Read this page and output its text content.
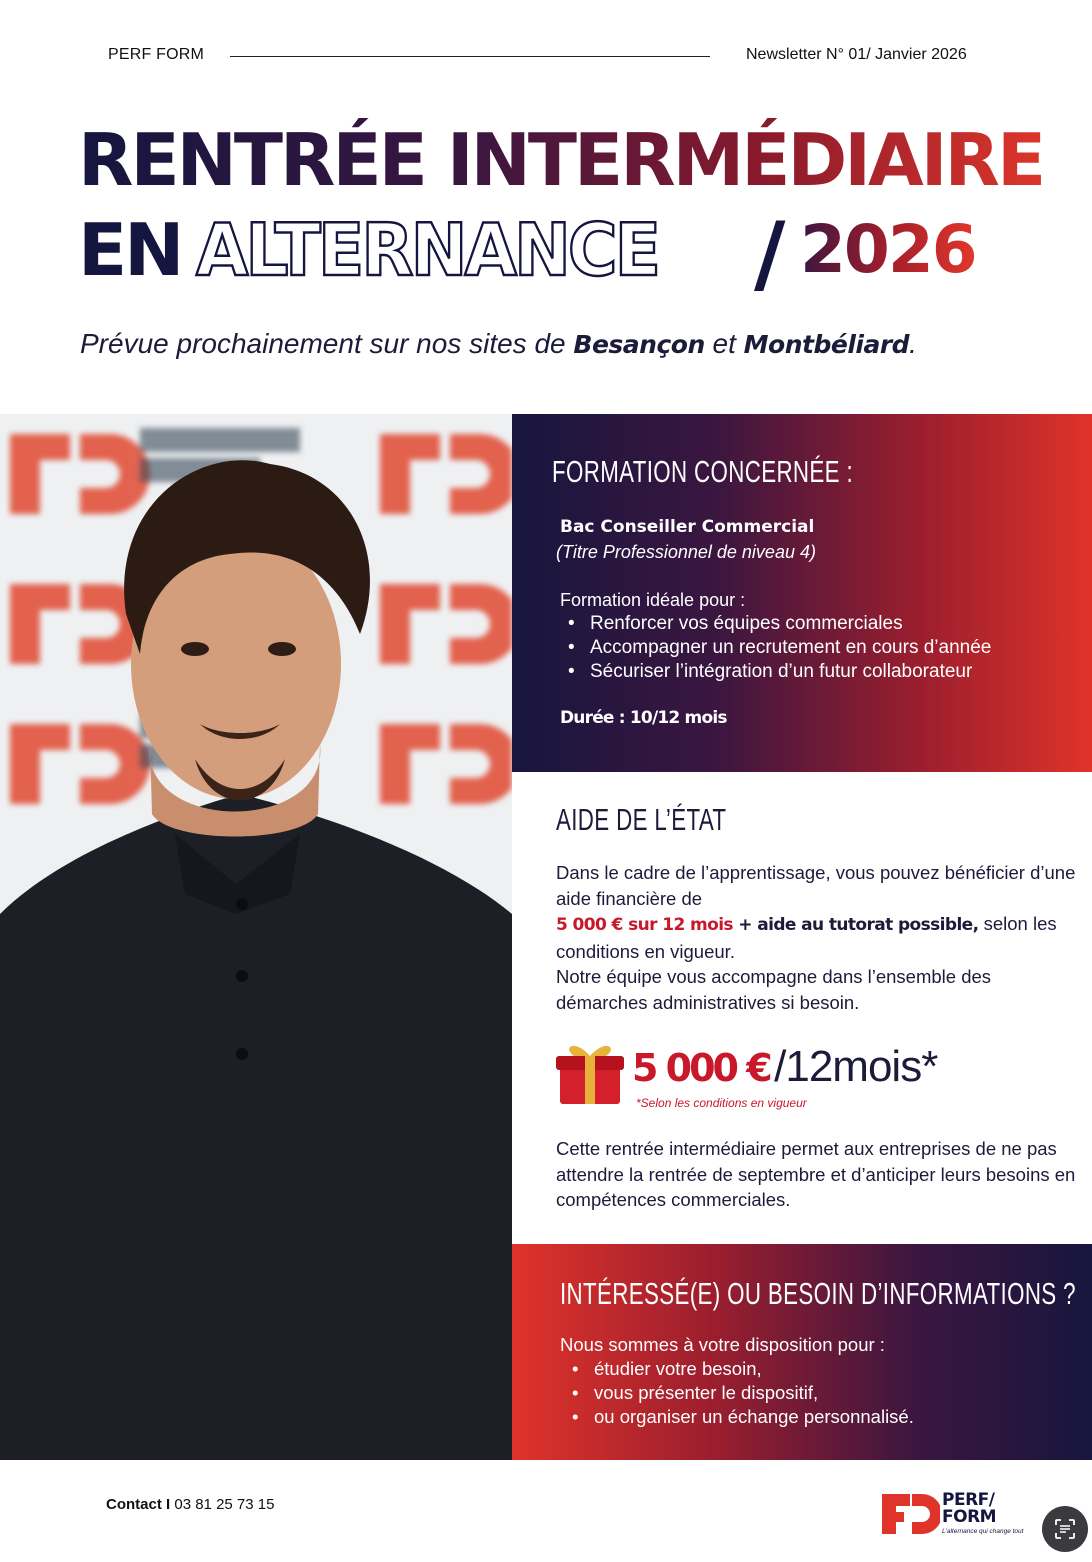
PERF FORM	Newsletter N° 01/ Janvier 2026
RENTRÉE INTERMÉDIAIRE
EN ALTERNANCE / 2026
Prévue prochainement sur nos sites de Besançon et Montbéliard.
FORMATION CONCERNÉE :
Bac Conseiller Commercial
(Titre Professionnel de niveau 4)
Formation idéale pour :
• Renforcer vos équipes commerciales
• Accompagner un recrutement en cours d’année
• Sécuriser l’intégration d’un futur collaborateur
Durée : 10/12 mois
AIDE DE L’ÉTAT

Dans le cadre de l’apprentissage, vous pouvez bénéficier d’une aide financière de
5 000 € sur 12 mois + aide au tutorat possible, selon les conditions en vigueur.
Notre équipe vous accompagne dans l’ensemble des démarches administratives si besoin.

5 000 € /12mois*
*Selon les conditions en vigueur

Cette rentrée intermédiaire permet aux entreprises de ne pas attendre la rentrée de septembre et d’anticiper leurs besoins en compétences commerciales.

INTÉRESSÉ(E) OU BESOIN D’INFORMATIONS ?
Nous sommes à votre disposition pour :
• étudier votre besoin,
• vous présenter le dispositif,
• ou organiser un échange personnalisé.
Contact I 03 81 25 73 15	PERF/
FORM
L'alternance qui change tout
